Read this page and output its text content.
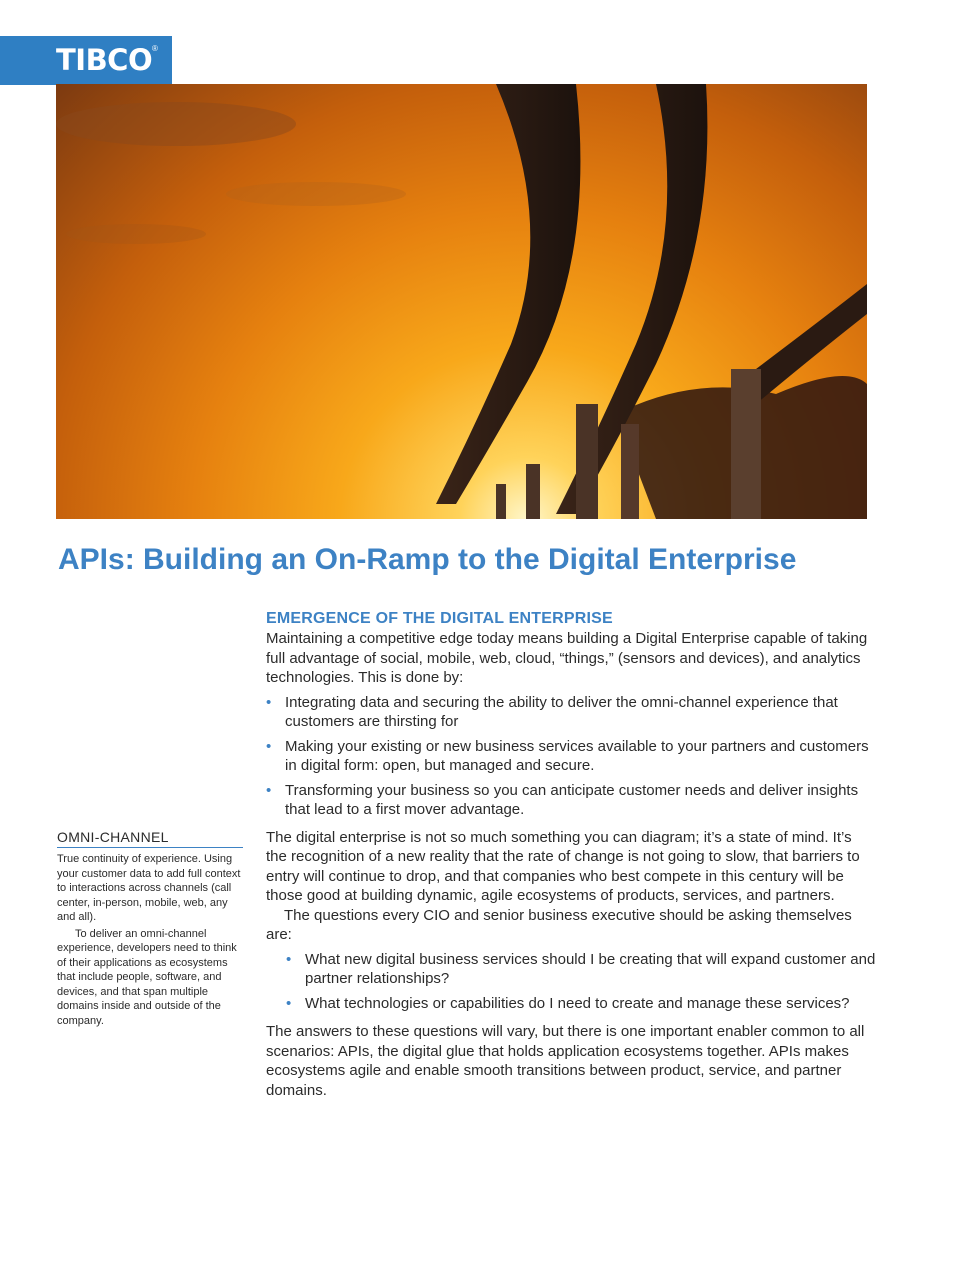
TIBCO ®
APIs: Building an On-Ramp to the Digital Enterprise
OMNI-CHANNEL

True continuity of experience. Using your customer data to add full context to interactions across channels (call center, in-person, mobile, web, any and all).

To deliver an omni-channel experience, developers need to think of their applications as ecosystems that include people, software, and devices, and that span multiple domains inside and outside of the company.

EMERGENCE OF THE DIGITAL ENTERPRISE

Maintaining a competitive edge today means building a Digital Enterprise capable of taking full advantage of social, mobile, web, cloud, “things,” (sensors and devices), and analytics technologies. This is done by:

• Integrating data and securing the ability to deliver the omni-channel experience that customers are thirsting for
• Making your existing or new business services available to your partners and customers in digital form: open, but managed and secure.
• Transforming your business so you can anticipate customer needs and deliver insights that lead to a first mover advantage.

The digital enterprise is not so much something you can diagram; it’s a state of mind. It’s the recognition of a new reality that the rate of change is not going to slow, that barriers to entry will continue to drop, and that companies who best compete in this century will be those good at building dynamic, agile ecosystems of products, services, and partners.

The questions every CIO and senior business executive should be asking themselves are:

• What new digital business services should I be creating that will expand customer and partner relationships?
• What technologies or capabilities do I need to create and manage these services?

The answers to these questions will vary, but there is one important enabler common to all scenarios: APIs, the digital glue that holds application ecosystems together. APIs makes ecosystems agile and enable smooth transitions between product, service, and partner domains.
